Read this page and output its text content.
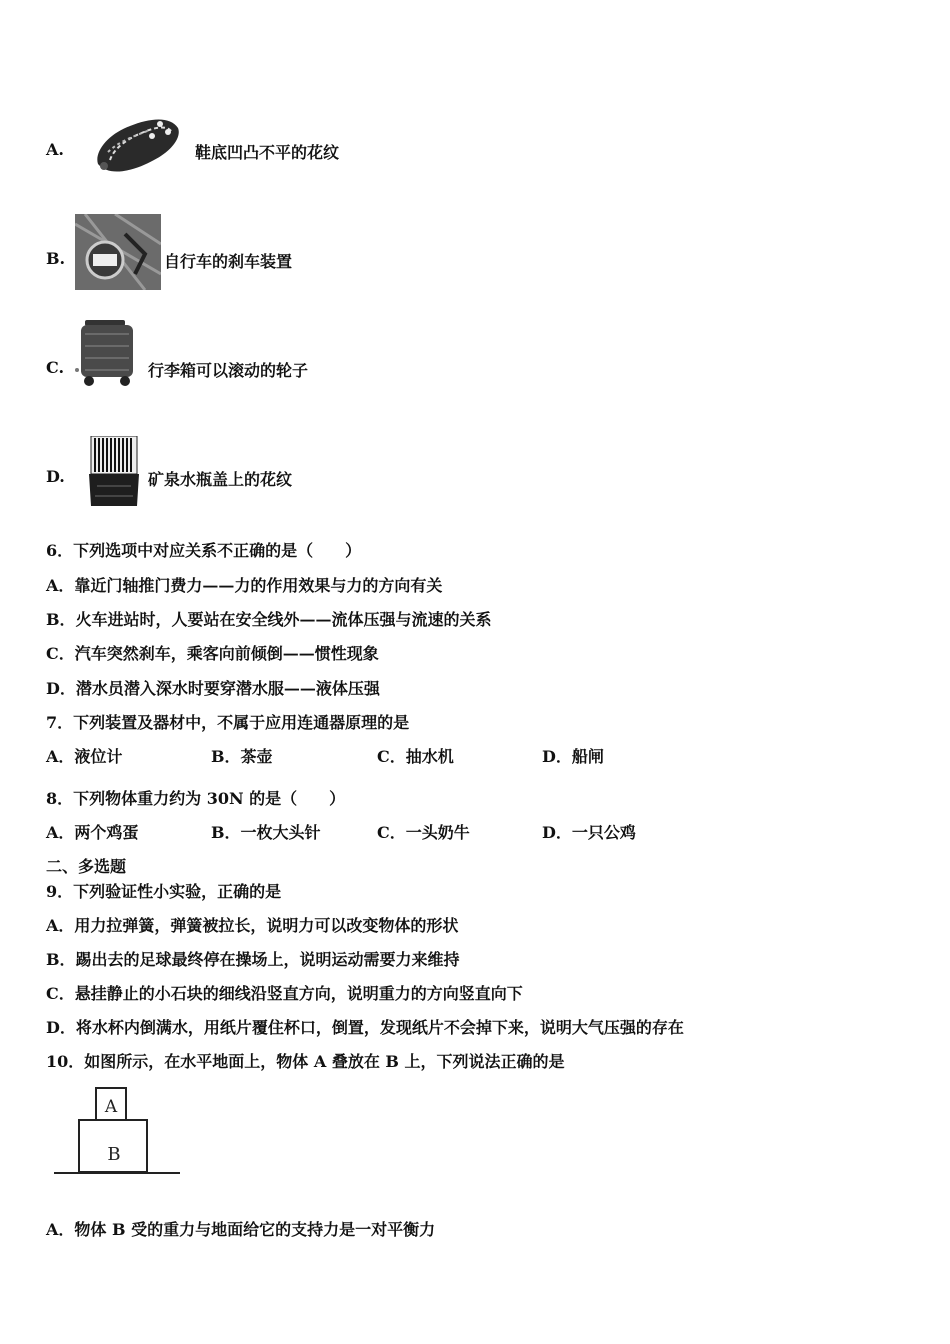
A.	鞋底凹凸不平的花纹
B.	自行车的刹车装置
C.	行李箱可以滚动的轮子
D.	矿泉水瓶盖上的花纹
6．下列选项中对应关系不正确的是（　　）
A．靠近门轴推门费力——力的作用效果与力的方向有关
B．火车进站时，人要站在安全线外——流体压强与流速的关系
C．汽车突然刹车，乘客向前倾倒——惯性现象
D．潜水员潜入深水时要穿潜水服——液体压强
7．下列装置及器材中，不属于应用连通器原理的是
A．液位计	B．茶壶	C．抽水机	D．船闸
8．下列物体重力约为 30N 的是（　　）
A．两个鸡蛋	B．一枚大头针	C．一头奶牛	D．一只公鸡
二、多选题
9．下列验证性小实验，正确的是
A．用力拉弹簧，弹簧被拉长，说明力可以改变物体的形状
B．踢出去的足球最终停在操场上，说明运动需要力来维持
C．悬挂静止的小石块的细线沿竖直方向，说明重力的方向竖直向下
D．将水杯内倒满水，用纸片覆住杯口，倒置，发现纸片不会掉下来，说明大气压强的存在
10．如图所示，在水平地面上，物体 A 叠放在 B 上，下列说法正确的是
A
B
A．物体 B 受的重力与地面给它的支持力是一对平衡力
